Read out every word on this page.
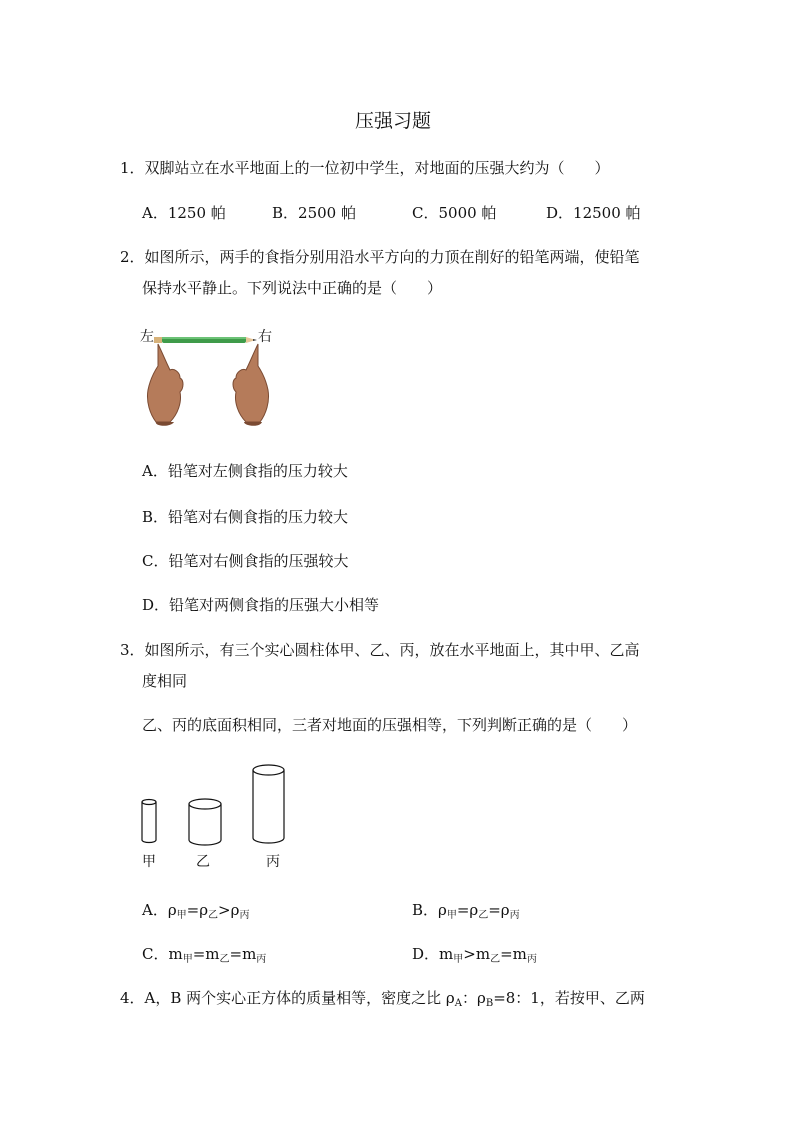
压强习题
1．双脚站立在水平地面上的一位初中学生，对地面的压强大约为（　　）
A．1250 帕	B．2500 帕	C．5000 帕	D．12500 帕
2．如图所示，两手的食指分别用沿水平方向的力顶在削好的铅笔两端，使铅笔
保持水平静止。下列说法中正确的是（　　）
左	右
A．铅笔对左侧食指的压力较大
B．铅笔对右侧食指的压力较大
C．铅笔对右侧食指的压强较大
D．铅笔对两侧食指的压强大小相等
3．如图所示，有三个实心圆柱体甲、乙、丙，放在水平地面上，其中甲、乙高
度相同
乙、丙的底面积相同，三者对地面的压强相等，下列判断正确的是（　　）
甲	乙	丙
A．$\rho_甲=\rho_乙>\rho_丙$	B．$\rho_甲=\rho_乙=\rho_丙$
C．$m_甲=m_乙=m_丙$	D．$m_甲>m_乙=m_丙$
4．A，B 两个实心正方体的质量相等，密度之比 $\rho_A$：$\rho_B=8$：1，若按甲、乙两
